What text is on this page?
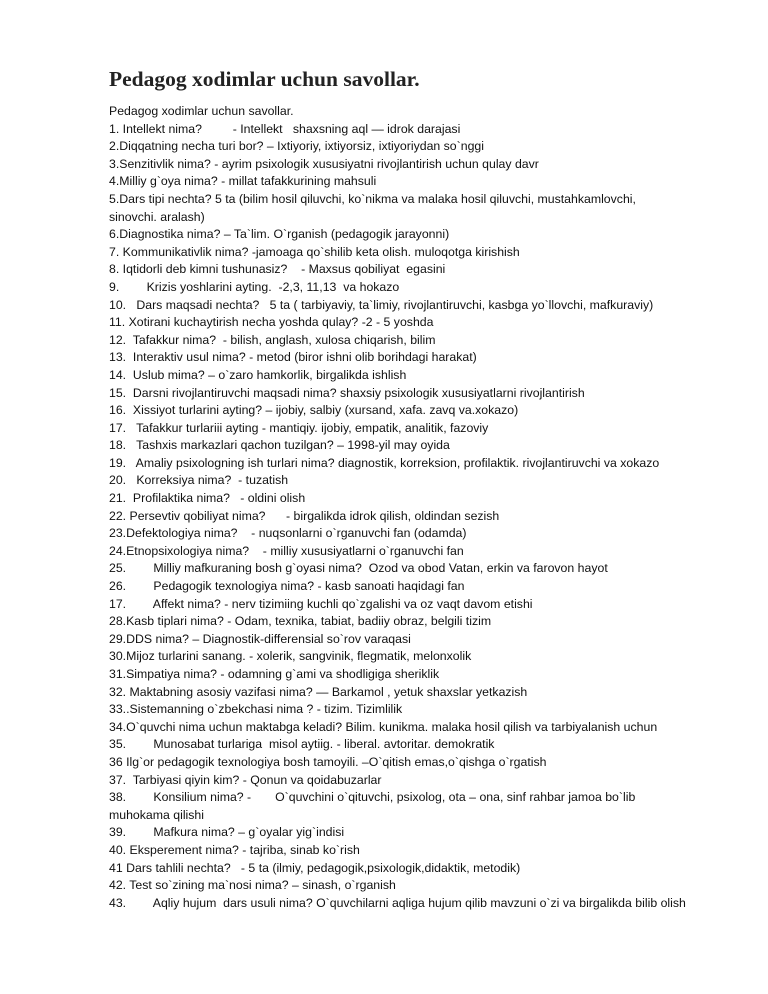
Pedagog xodimlar uchun savollar.
Pedagog xodimlar uchun savollar.
1. Intellekt nima?         - Intellekt   shaxsning aql — idrok darajasi
2.Diqqatning necha turi bor? – Ixtiyoriy, ixtiyorsiz, ixtiyoriydan so`nggi
3.Senzitivlik nima? - ayrim psixologik xususiyatni rivojlantirish uchun qulay davr
4.Milliy g`oya nima? - millat tafakkurining mahsuli
5.Dars tipi nechta? 5 ta (bilim hosil qiluvchi, ko`nikma va malaka hosil qiluvchi, mustahkamlovchi,
sinovchi. aralash)
6.Diagnostika nima? – Ta`lim. O`rganish (pedagogik jarayonni)
7. Kommunikativlik nima? -jamoaga qo`shilib keta olish. muloqotga kirishish
8. Iqtidorli deb kimni tushunasiz?    - Maxsus qobiliyat  egasini
9.        Krizis yoshlarini ayting.  -2,3, 11,13  va hokazo
10.   Dars maqsadi nechta?   5 ta ( tarbiyaviy, ta`limiy, rivojlantiruvchi, kasbga yo`llovchi, mafkuraviy)
11. Xotirani kuchaytirish necha yoshda qulay? -2 - 5 yoshda
12.  Tafakkur nima?  - bilish, anglash, xulosa chiqarish, bilim
13.  Interaktiv usul nima? - metod (biror ishni olib borihdagi harakat)
14.  Uslub mima? – o`zaro hamkorlik, birgalikda ishlish
15.  Darsni rivojlantiruvchi maqsadi nima? shaxsiy psixologik xususiyatlarni rivojlantirish
16.  Xissiyot turlarini ayting? – ijobiy, salbiy (xursand, xafa. zavq va.xokazo)
17.   Tafakkur turlariii ayting - mantiqiy. ijobiy, empatik, analitik, fazoviy
18.   Tashxis markazlari qachon tuzilgan? – 1998-yil may oyida
19.   Amaliy psixologning ish turlari nima? diagnostik, korreksion, profilaktik. rivojlantiruvchi va xokazo
20.   Korreksiya nima?  - tuzatish
21.  Profilaktika nima?   - oldini olish
22. Persevtiv qobiliyat nima?      - birgalikda idrok qilish, oldindan sezish
23.Defektologiya nima?    - nuqsonlarni o`rganuvchi fan (odamda)
24.Etnopsixologiya nima?    - milliy xususiyatlarni o`rganuvchi fan
25.        Milliy mafkuraning bosh g`oyasi nima?  Ozod va obod Vatan, erkin va farovon hayot
26.        Pedagogik texnologiya nima? - kasb sanoati haqidagi fan
17.        Affekt nima? - nerv tizimiing kuchli qo`zgalishi va oz vaqt davom etishi
28.Kasb tiplari nima? - Odam, texnika, tabiat, badiiy obraz, belgili tizim
29.DDS nima? – Diagnostik-differensial so`rov varaqasi
30.Mijoz turlarini sanang. - xolerik, sangvinik, flegmatik, melonxolik
31.Simpatiya nima? - odamning g`ami va shodligiga sheriklik
32. Maktabning asosiy vazifasi nima? — Barkamol , yetuk shaxslar yetkazish
33..Sistemanning o`zbekchasi nima ? - tizim. Tizimlilik
34.O`quvchi nima uchun maktabga keladi? Bilim. kunikma. malaka hosil qilish va tarbiyalanish uchun
35.        Munosabat turlariga  misol aytiig. - liberal. avtoritar. demokratik
36 Ilg`or pedagogik texnologiya bosh tamoyili. –O`qitish emas,o`qishga o`rgatish
37.  Tarbiyasi qiyin kim? - Qonun va qoidabuzarlar
38.        Konsilium nima? -       O`quvchini o`qituvchi, psixolog, ota – ona, sinf rahbar jamoa bo`lib
muhokama qilishi
39.        Mafkura nima? – g`oyalar yig`indisi
40. Eksperement nima? - tajriba, sinab ko`rish
41 Dars tahlili nechta?   - 5 ta (ilmiy, pedagogik,psixologik,didaktik, metodik)
42. Test so`zining ma`nosi nima? – sinash, o`rganish
43.        Aqliy hujum  dars usuli nima? O`quvchilarni aqliga hujum qilib mavzuni o`zi va birgalikda bilib olish
